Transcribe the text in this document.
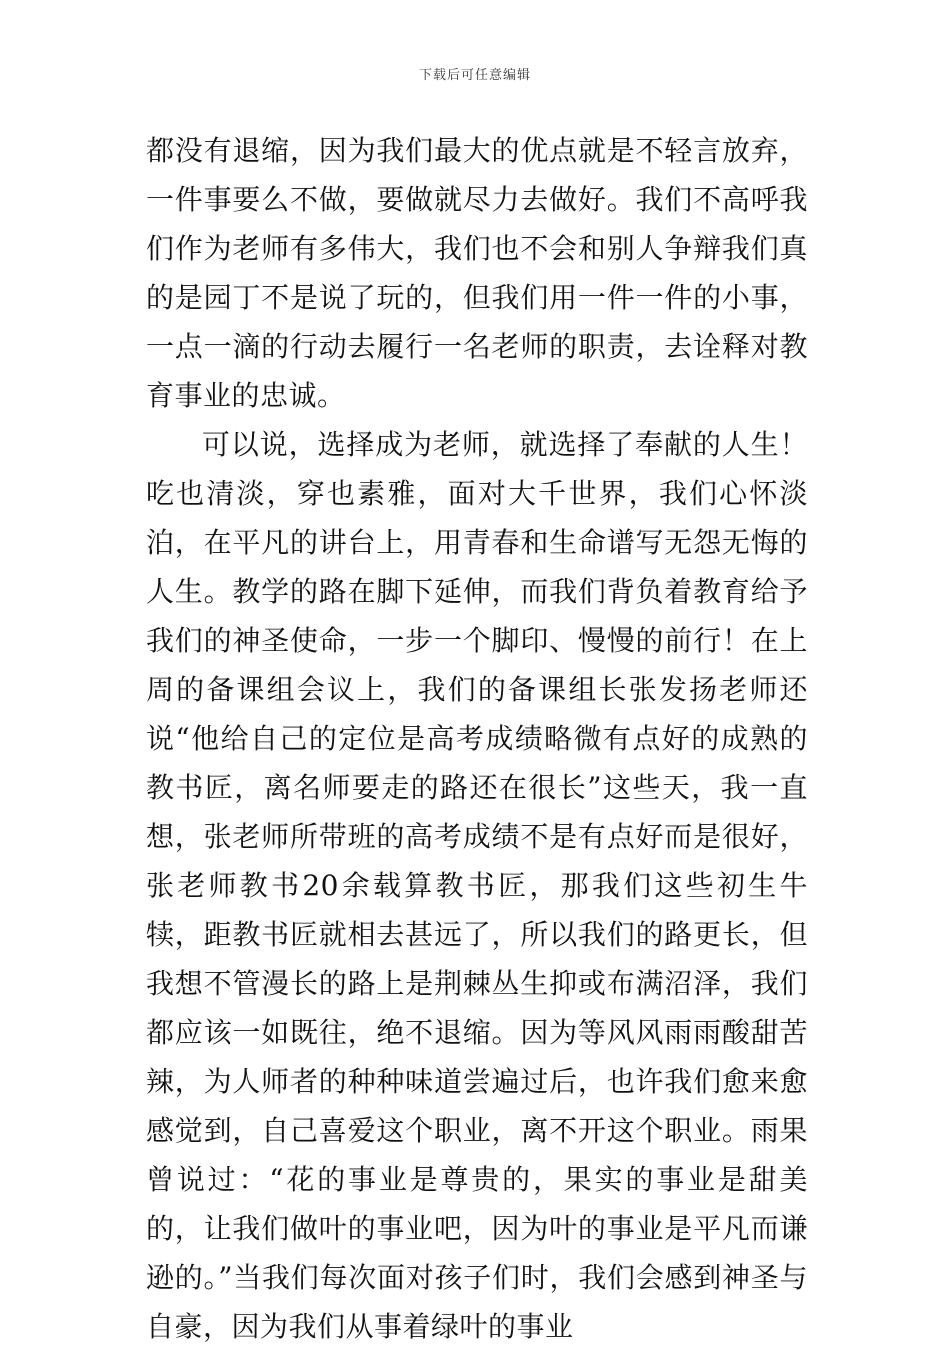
下载后可任意编辑

都没有退缩，因为我们最大的优点就是不轻言放弃，一件事要么不做，要做就尽力去做好。我们不高呼我们作为老师有多伟大，我们也不会和别人争辩我们真的是园丁不是说了玩的，但我们用一件一件的小事，一点一滴的行动去履行一名老师的职责，去诠释对教育事业的忠诚。

可以说，选择成为老师，就选择了奉献的人生！吃也清淡，穿也素雅，面对大千世界，我们心怀淡泊，在平凡的讲台上，用青春和生命谱写无怨无悔的人生。教学的路在脚下延伸，而我们背负着教育给予我们的神圣使命，一步一个脚印、慢慢的前行！在上周的备课组会议上，我们的备课组长张发扬老师还说“他给自己的定位是高考成绩略微有点好的成熟的教书匠，离名师要走的路还在很长”这些天，我一直想，张老师所带班的高考成绩不是有点好而是很好，张老师教书20余载算教书匠，那我们这些初生牛犊，距教书匠就相去甚远了，所以我们的路更长，但我想不管漫长的路上是荆棘丛生抑或布满沼泽，我们都应该一如既往，绝不退缩。因为等风风雨雨酸甜苦辣，为人师者的种种味道尝遍过后，也许我们愈来愈感觉到，自己喜爱这个职业，离不开这个职业。雨果曾说过：“花的事业是尊贵的，果实的事业是甜美的，让我们做叶的事业吧，因为叶的事业是平凡而谦逊的。”当我们每次面对孩子们时，我们会感到神圣与自豪，因为我们从事着绿叶的事业
